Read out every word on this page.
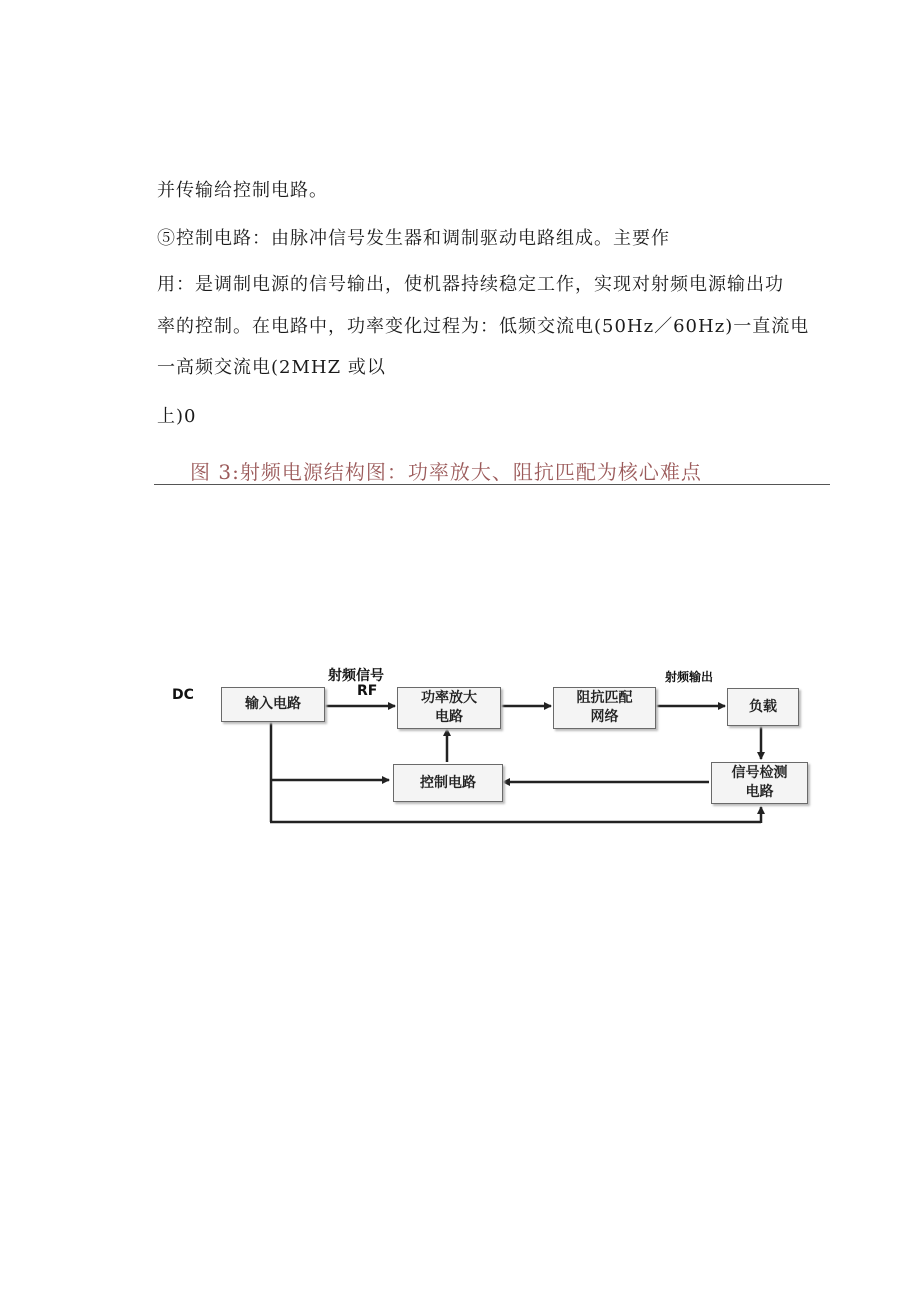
并传输给控制电路。
⑤控制电路：由脉冲信号发生器和调制驱动电路组成。主要作
用：是调制电源的信号输出，使机器持续稳定工作，实现对射频电源输出功
率的控制。在电路中，功率变化过程为：低频交流电(50Hz／60Hz)一直流电
一高频交流电(2MHZ 或以
上)0
图 3:射频电源结构图：功率放大、阻抗匹配为核心难点
DC
射频信号
RF
射频输出
输入电路	功率放大
电路
阻抗匹配
网络
负载
控制电路
信号检测
电路
